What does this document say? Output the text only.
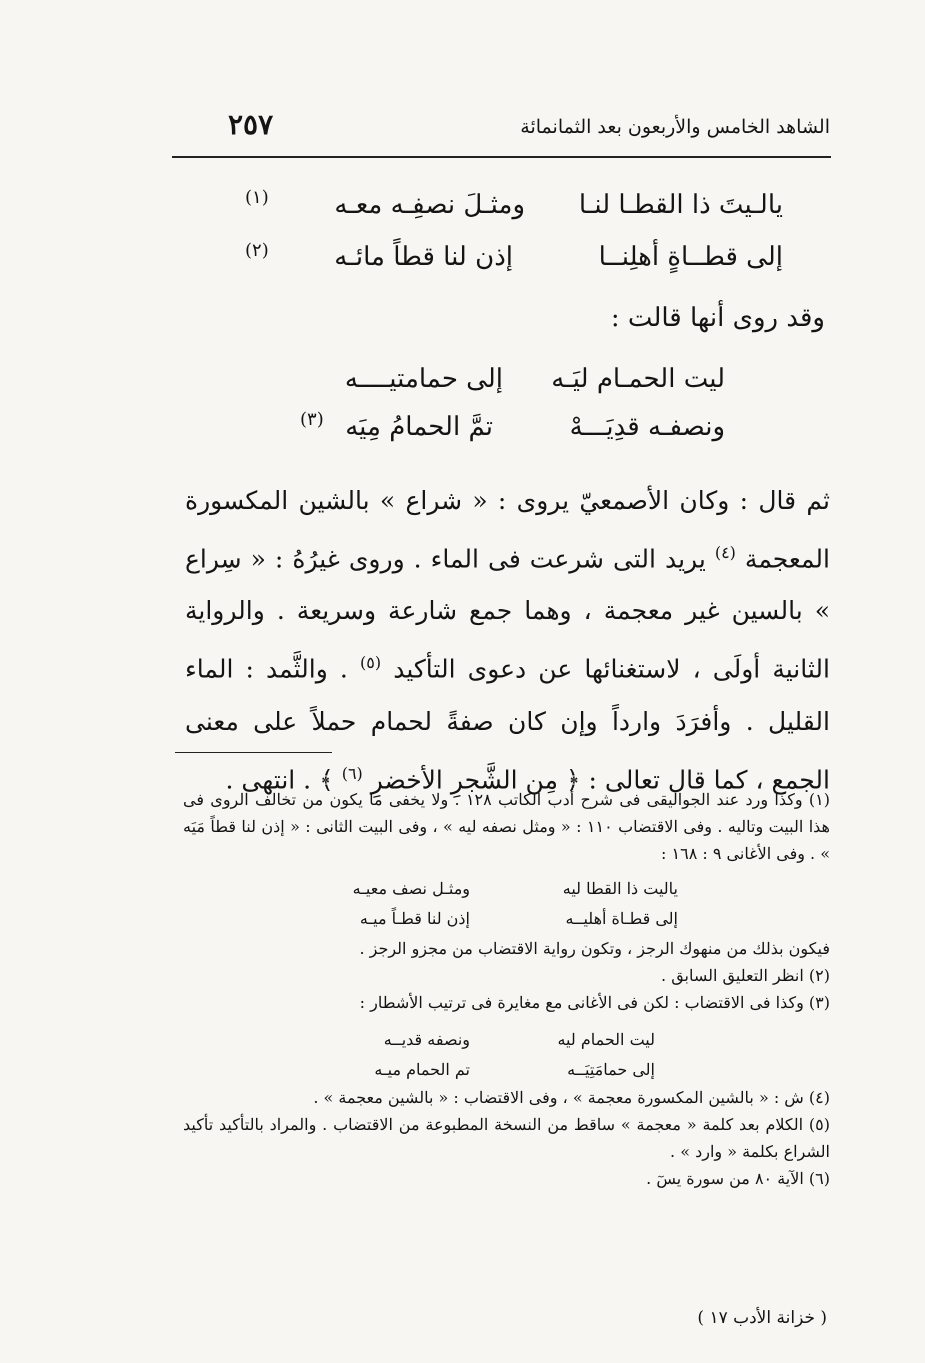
الشاهد الخامس والأربعون بعد الثمانمائة
٢٥٧
يالـيتَ ذا القطـا لنـا
ومثـلَ نصفِـه معـه
(١)
إلى قطــاةٍ أهلِنــا
إذن لنا قطاً مائـه
(٢)
وقد روى أنها قالت :
ليت الحمـام ليَـه
إلى حمامتيــــه
ونصفـه قدِيَـــهْ
تمَّ الحمامُ مِيَه
(٣)

ثم قال : وكان الأصمعيّ يروى : « شراع » بالشين المكسورة المعجمة $^{(٤)}$ يريد التى شرعت فى الماء . وروى غيرُهُ : « سِراع » بالسين غير معجمة ، وهما جمع شارعة وسريعة . والرواية الثانية أولَى ، لاستغنائها عن دعوى التأكيد $^{(٥)}$ . والثَّمد : الماء القليل . وأفرَدَ وارداً وإن كان صفةً لحمام حملاً على معنى الجمع ، كما قال تعالى : ﴿ مِن الشَّجرِ الأخضرِ $^{(٦)}$ ﴾ . انتهى .

(١) وكذا ورد عند الجواليقى فى شرح أدب الكاتب ١٢٨ . ولا يخفى ما يكون من تخالف الروى فى هذا البيت وتاليه . وفى الاقتضاب ١١٠ : « ومثل نصفه ليه » ، وفى البيت الثانى : « إذن لنا قطاً مَيَه » . وفى الأغانى ٩ : ١٦٨ :

ياليت ذا القطا ليه
ومثـل نصف معيـه
إلى قطـاة أهليــه
إذن لنا قطـاً ميـه

فيكون بذلك من منهوك الرجز ، وتكون رواية الاقتضاب من مجزو الرجز .

(٢) انظر التعليق السابق .

(٣) وكذا فى الاقتضاب : لكن فى الأغانى مع مغايرة فى ترتيب الأشطار :

ليت الحمام ليه
ونصفه قديــه
إلى حمامَتِيَــه
تم الحمام ميـه

(٤) ش : « بالشين المكسورة معجمة » ، وفى الاقتضاب : « بالشين معجمة » .

(٥) الكلام بعد كلمة « معجمة » ساقط من النسخة المطبوعة من الاقتضاب . والمراد بالتأكيد تأكيد الشراع بكلمة « وارد » .

(٦) الآية ٨٠ من سورة يسٓ .

( خزانة الأدب ١٧ )
